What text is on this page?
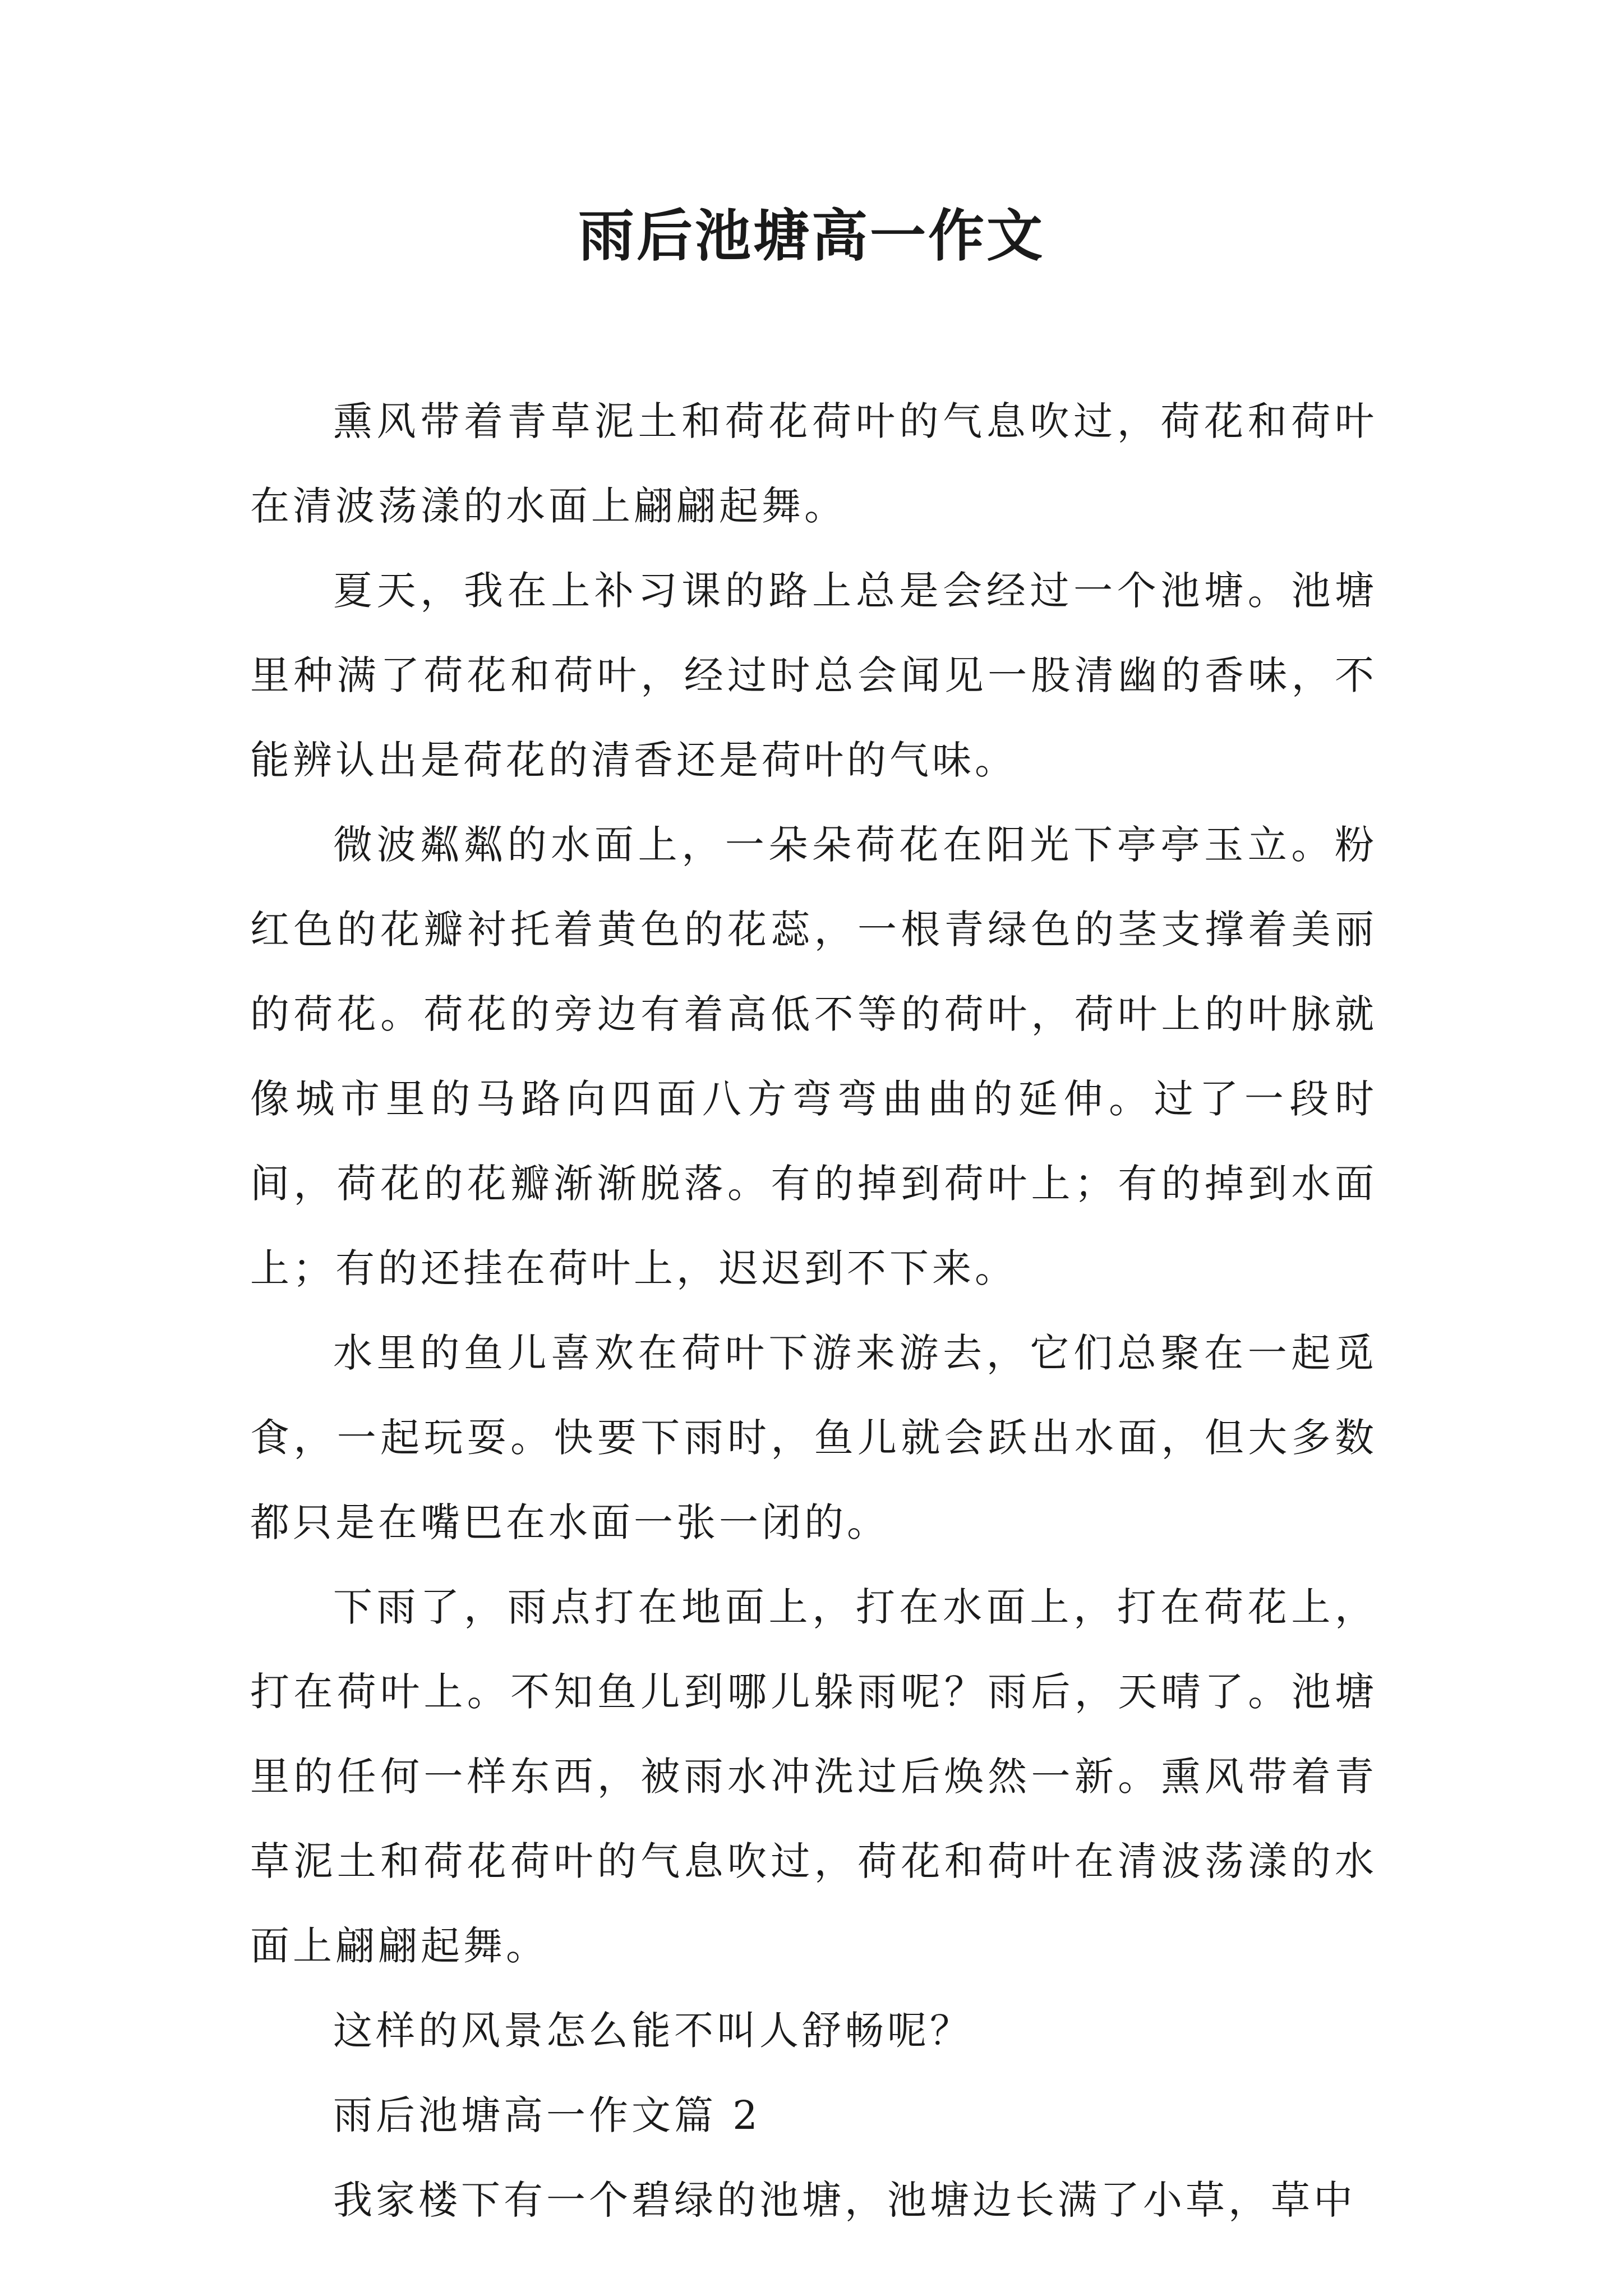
雨后池塘高一作文

熏风带着青草泥土和荷花荷叶的气息吹过，荷花和荷叶在清波荡漾的水面上翩翩起舞。

夏天，我在上补习课的路上总是会经过一个池塘。池塘里种满了荷花和荷叶，经过时总会闻见一股清幽的香味，不能辨认出是荷花的清香还是荷叶的气味。

微波粼粼的水面上，一朵朵荷花在阳光下亭亭玉立。粉红色的花瓣衬托着黄色的花蕊，一根青绿色的茎支撑着美丽的荷花。荷花的旁边有着高低不等的荷叶，荷叶上的叶脉就像城市里的马路向四面八方弯弯曲曲的延伸。过了一段时间，荷花的花瓣渐渐脱落。有的掉到荷叶上；有的掉到水面上；有的还挂在荷叶上，迟迟到不下来。

水里的鱼儿喜欢在荷叶下游来游去，它们总聚在一起觅食，一起玩耍。快要下雨时，鱼儿就会跃出水面，但大多数都只是在嘴巴在水面一张一闭的。

下雨了，雨点打在地面上，打在水面上，打在荷花上，打在荷叶上。不知鱼儿到哪儿躲雨呢？雨后，天晴了。池塘里的任何一样东西，被雨水冲洗过后焕然一新。熏风带着青草泥土和荷花荷叶的气息吹过，荷花和荷叶在清波荡漾的水面上翩翩起舞。

这样的风景怎么能不叫人舒畅呢？

雨后池塘高一作文篇 2

我家楼下有一个碧绿的池塘，池塘边长满了小草，草中
